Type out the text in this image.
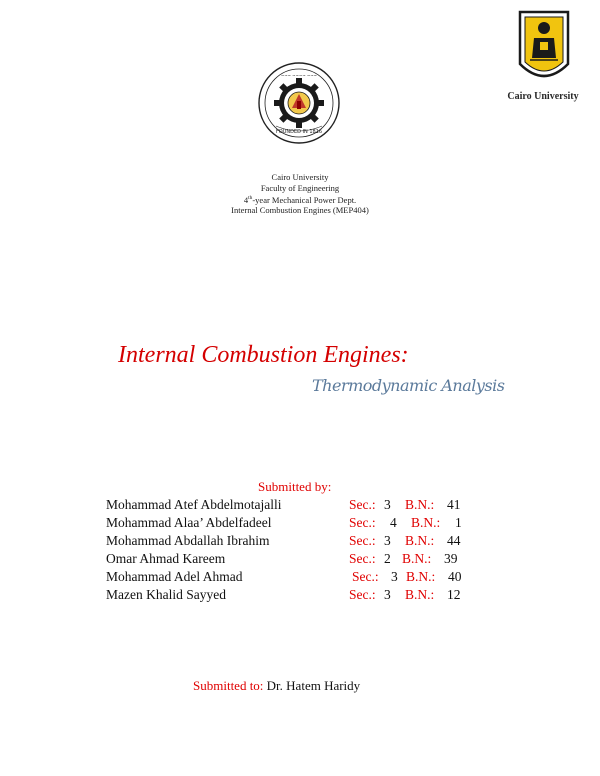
FOUNDED IN 1816
~~~ ~~~~ ~~~
Cairo University
Cairo University
Faculty of Engineering
4th-year Mechanical Power Dept.
Internal Combustion Engines (MEP404)
Internal Combustion Engines:
Thermodynamic Analysis
Submitted by:
Mohammad Atef Abdelmotajalli	Sec.: 3 B.N.: 41
Mohammad Alaa’ Abdelfadeel	Sec.: 4 B.N.: 1
Mohammad Abdallah Ibrahim	Sec.: 3 B.N.: 44
Omar Ahmad Kareem	Sec.: 2 B.N.: 39
Mohammad Adel Ahmad	Sec.: 3 B.N.: 40
Mazen Khalid Sayyed	Sec.: 3 B.N.: 12
Submitted to: Dr. Hatem Haridy
